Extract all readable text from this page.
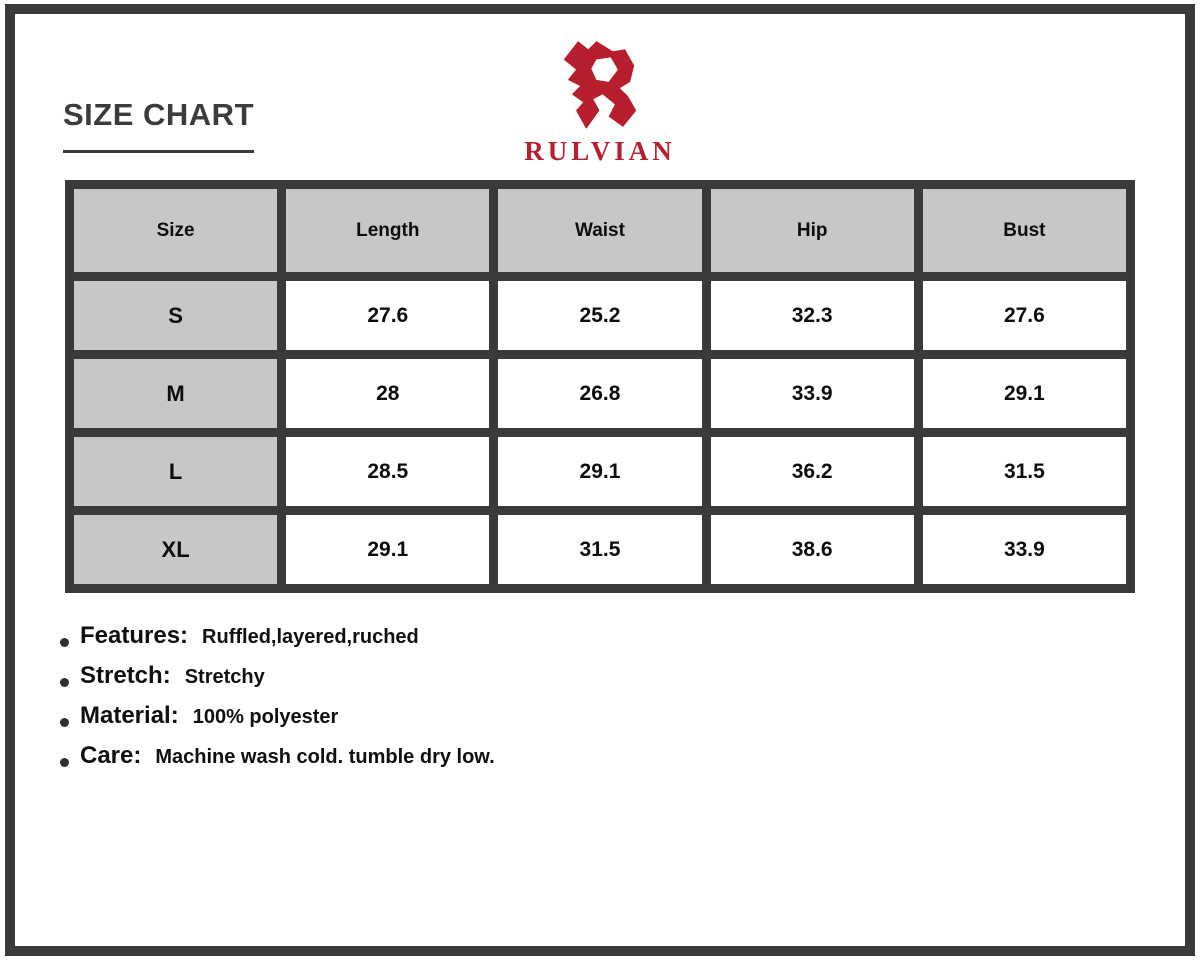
SIZE CHART
RULVIAN
Size	Length	Waist	Hip	Bust
S	27.6	25.2	32.3	27.6
M	28	26.8	33.9	29.1
L	28.5	29.1	36.2	31.5
XL	29.1	31.5	38.6	33.9
Features: Ruffled,layered,ruched
Stretch: Stretchy
Material: 100% polyester
Care: Machine wash cold. tumble dry low.
